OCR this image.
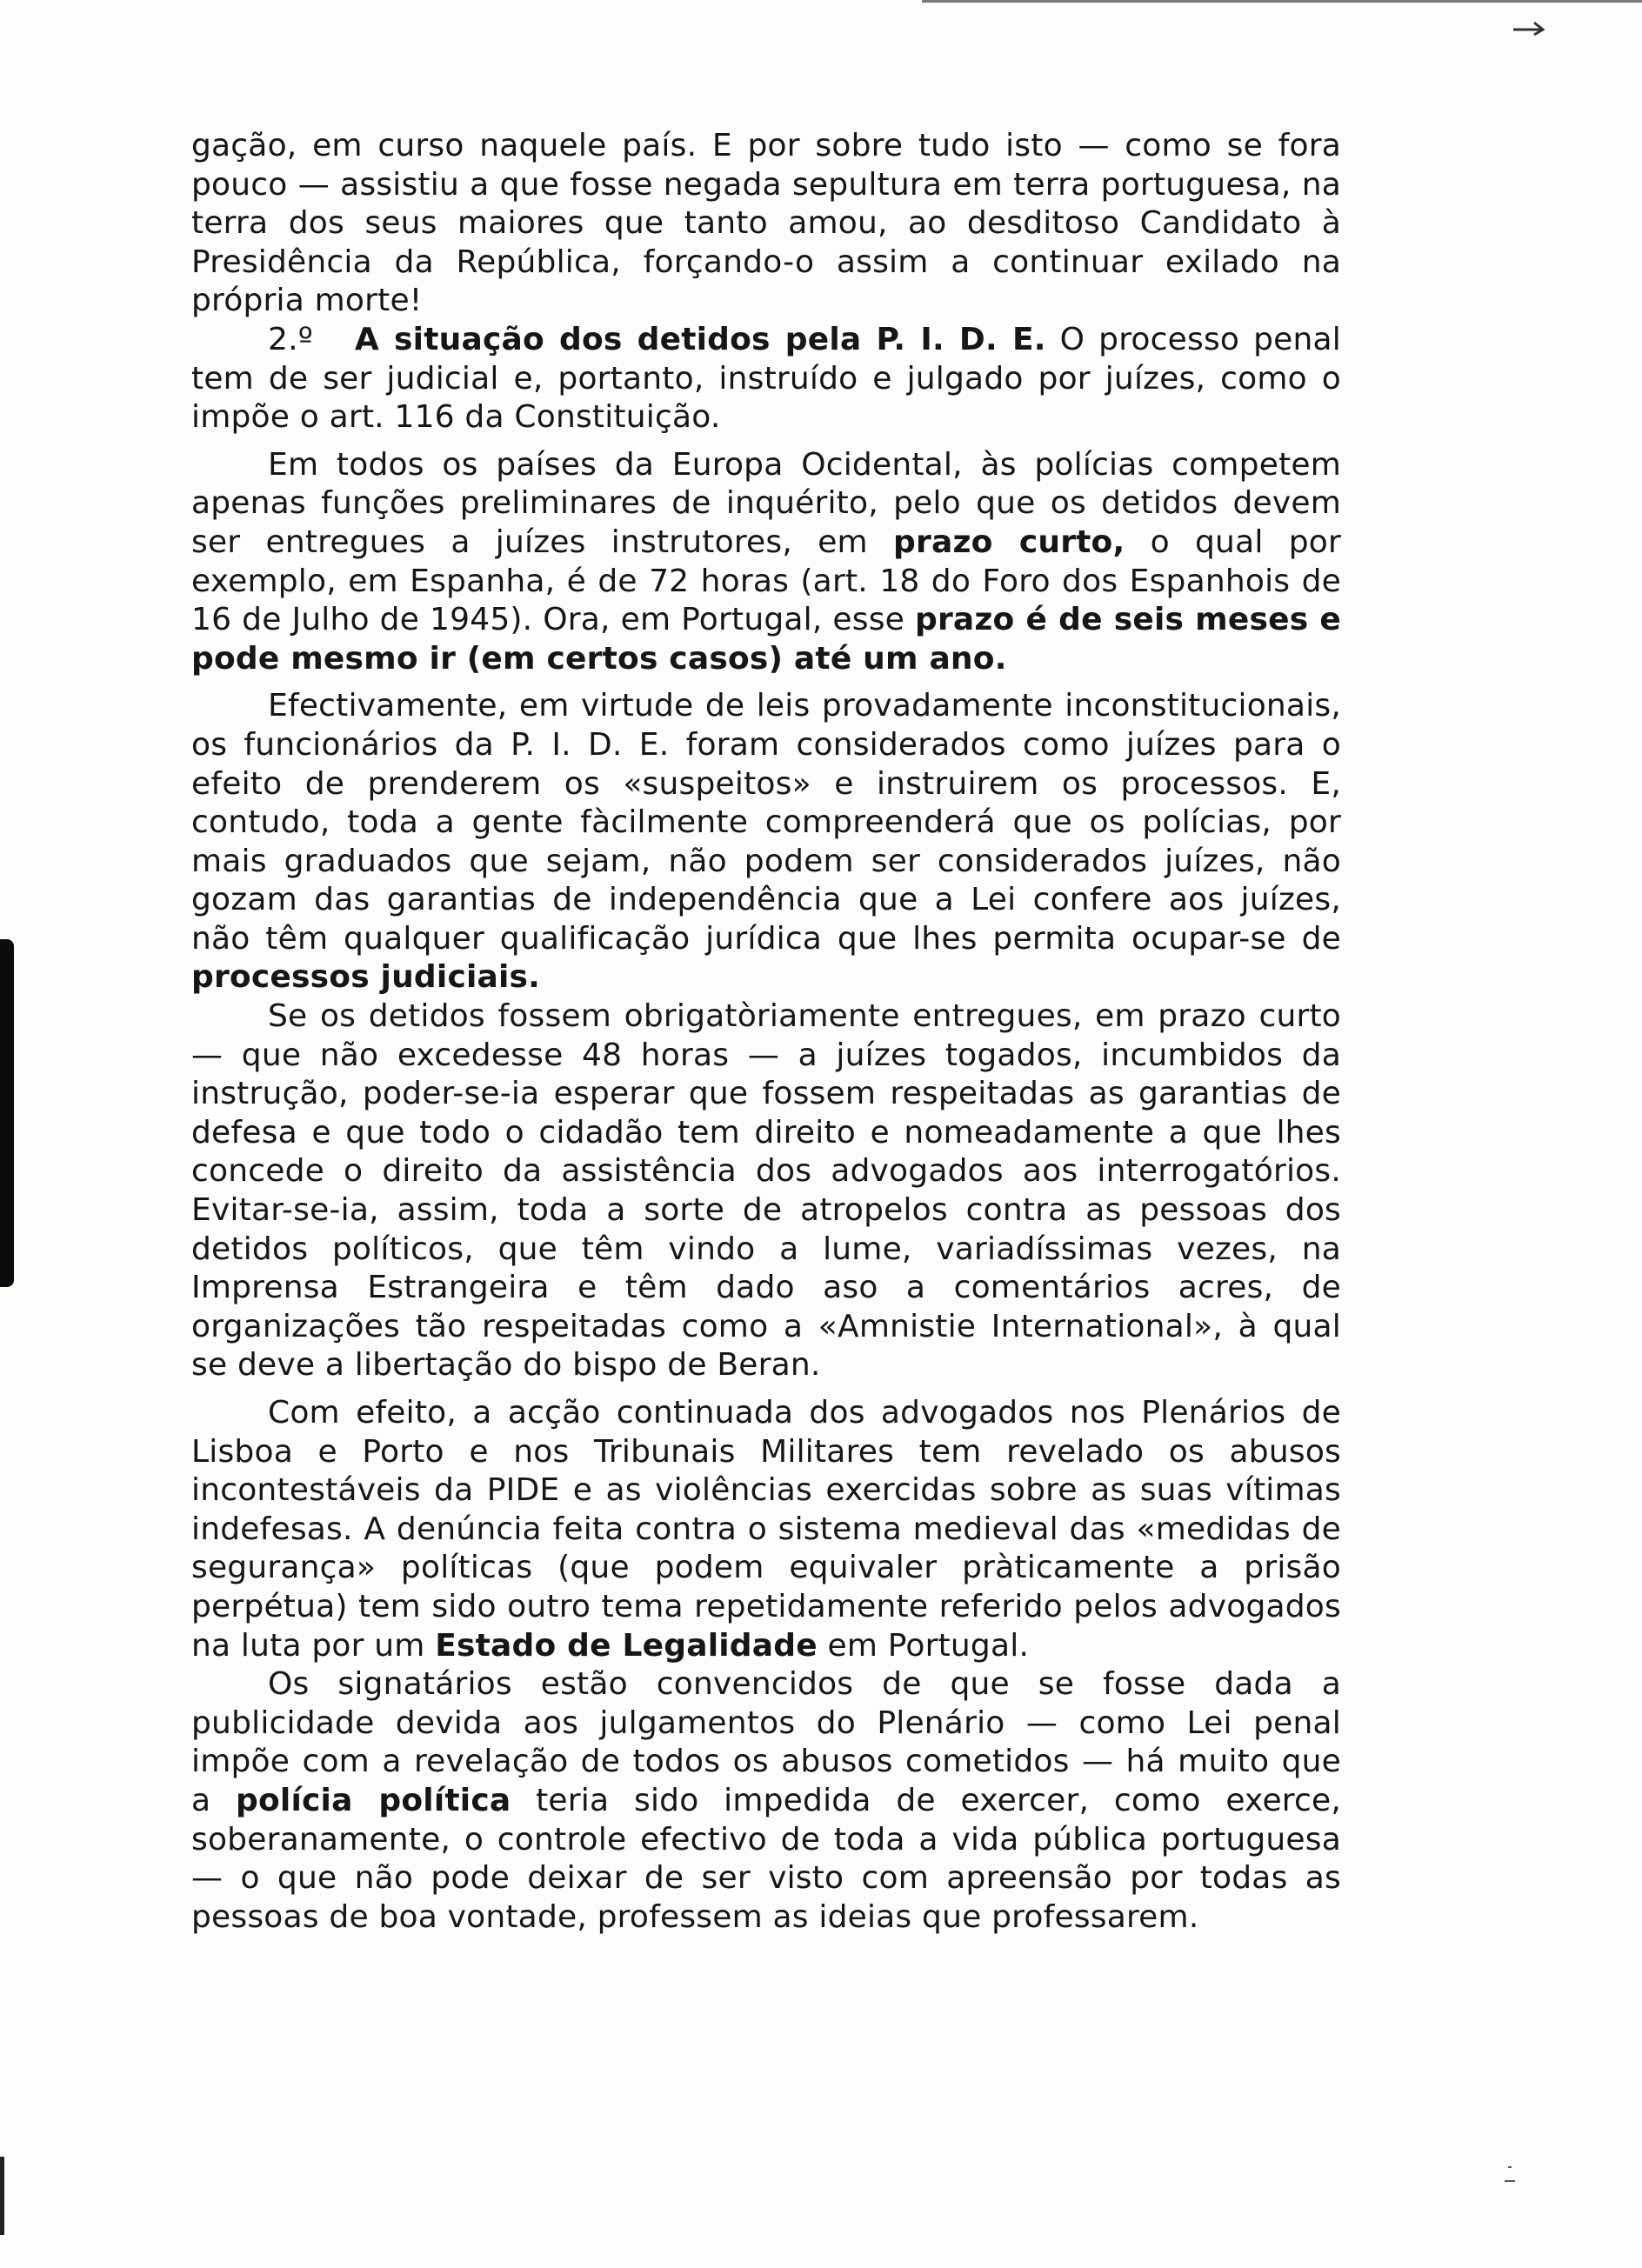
gação, em curso naquele país. E por sobre tudo isto — como se fora pouco — assistiu a que fosse negada sepultura em terra portuguesa, na terra dos seus maiores que tanto amou, ao desditoso Candidato à Presidência da República, forçando-o assim a continuar exilado na própria morte!

2.º A situação dos detidos pela P. I. D. E. O processo penal tem de ser judicial e, portanto, instruído e julgado por juízes, como o impõe o art. 116 da Constituição.

Em todos os países da Europa Ocidental, às polícias competem apenas funções preliminares de inquérito, pelo que os detidos devem ser entregues a juízes instrutores, em prazo curto, o qual por exemplo, em Espanha, é de 72 horas (art. 18 do Foro dos Espanhois de 16 de Julho de 1945). Ora, em Portugal, esse prazo é de seis meses e pode mesmo ir (em certos casos) até um ano.

Efectivamente, em virtude de leis provadamente inconstitucionais, os funcionários da P. I. D. E. foram considerados como juízes para o efeito de prenderem os «suspeitos» e instruirem os processos. E, contudo, toda a gente fàcilmente compreenderá que os polícias, por mais graduados que sejam, não podem ser considerados juízes, não gozam das garantias de independência que a Lei confere aos juízes, não têm qualquer qualificação jurídica que lhes permita ocupar-se de processos judiciais.

Se os detidos fossem obrigatòriamente entregues, em prazo curto — que não excedesse 48 horas — a juízes togados, incumbidos da instrução, poder-se-ia esperar que fossem respeitadas as garantias de defesa e que todo o cidadão tem direito e nomeadamente a que lhes concede o direito da assistência dos advogados aos interrogatórios. Evitar-se-ia, assim, toda a sorte de atropelos contra as pessoas dos detidos políticos, que têm vindo a lume, variadíssimas vezes, na Imprensa Estrangeira e têm dado aso a comentários acres, de organizações tão respeitadas como a «Amnistie International», à qual se deve a libertação do bispo de Beran.

Com efeito, a acção continuada dos advogados nos Plenários de Lisboa e Porto e nos Tribunais Militares tem revelado os abusos incontestáveis da PIDE e as violências exercidas sobre as suas vítimas indefesas. A denúncia feita contra o sistema medieval das «medidas de segurança» políticas (que podem equivaler pràticamente a prisão perpétua) tem sido outro tema repetidamente referido pelos advogados na luta por um Estado de Legalidade em Portugal.

Os signatários estão convencidos de que se fosse dada a publicidade devida aos julgamentos do Plenário — como Lei penal impõe com a revelação de todos os abusos cometidos — há muito que a polícia política teria sido impedida de exercer, como exerce, soberanamente, o controle efectivo de toda a vida pública portuguesa — o que não pode deixar de ser visto com apreensão por todas as pessoas de boa vontade, professem as ideias que professarem.
